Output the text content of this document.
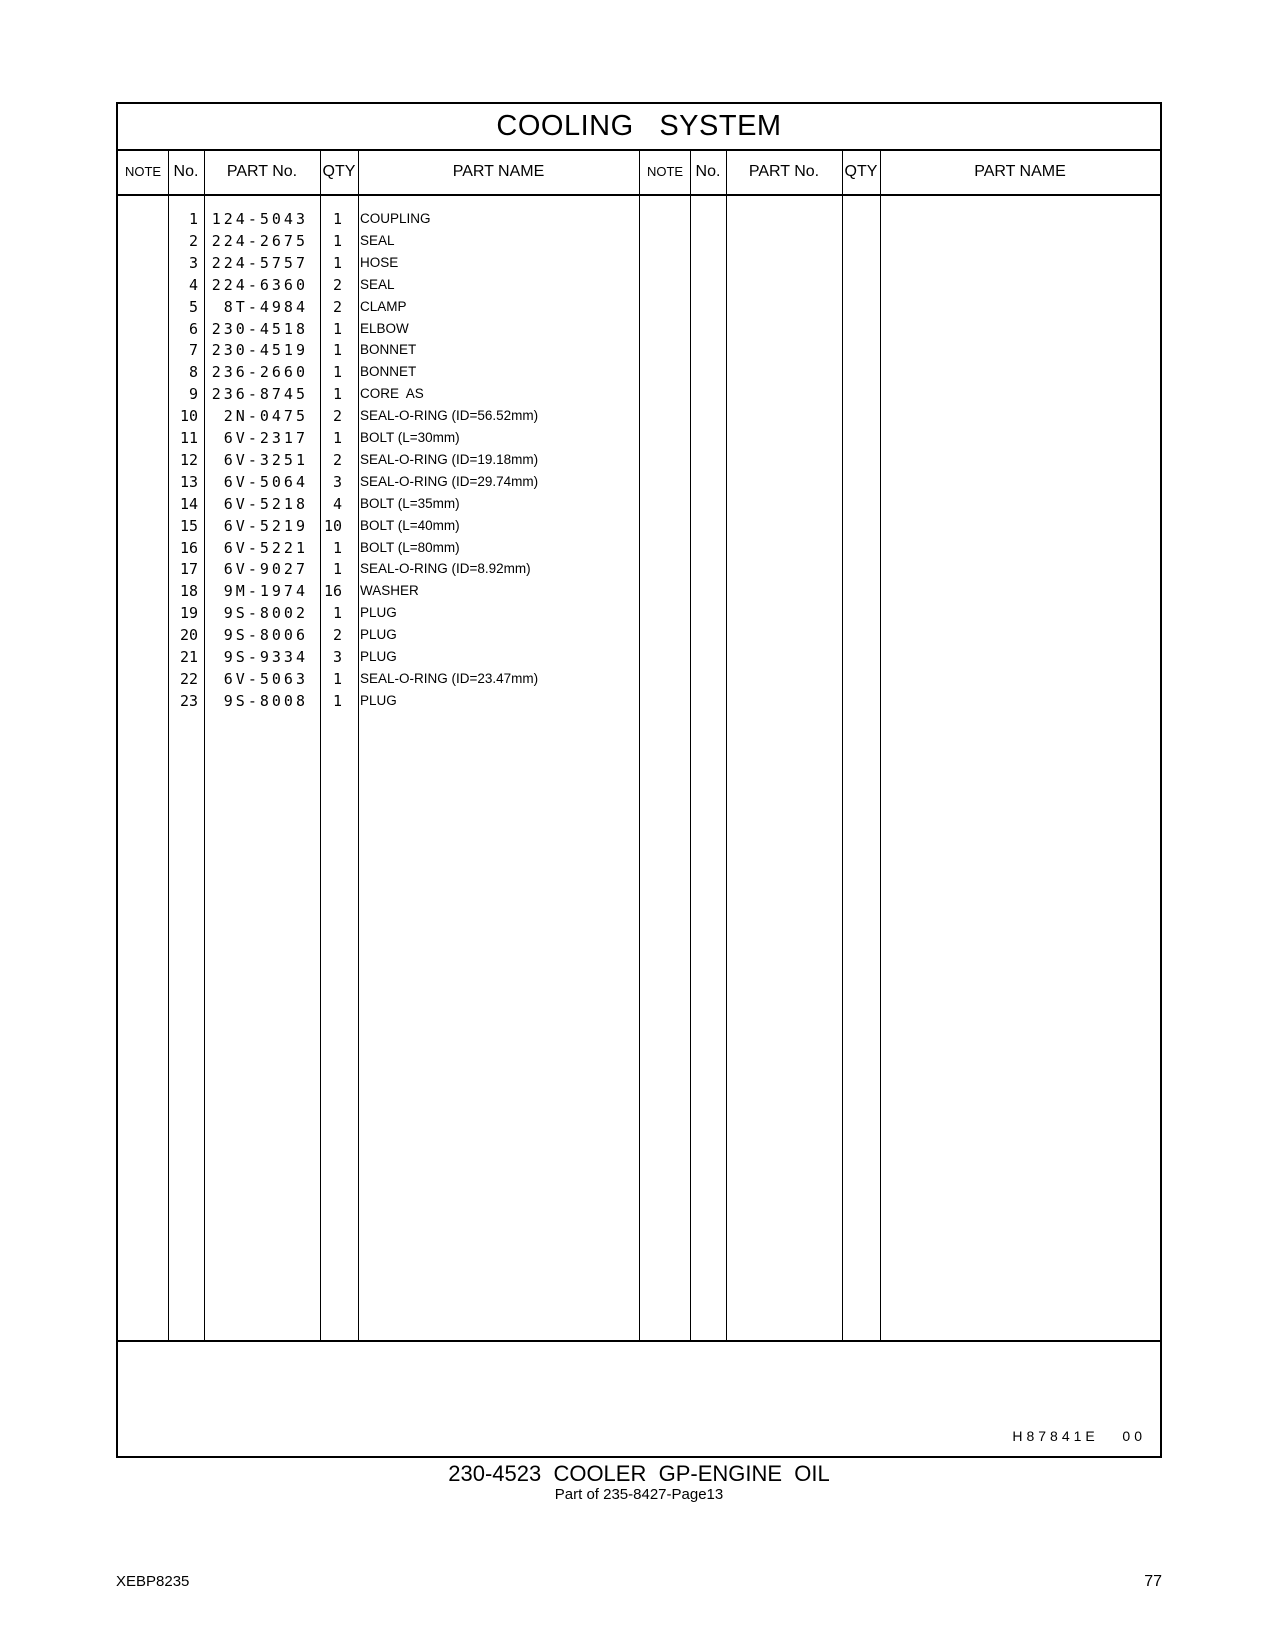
COOLING   SYSTEM
NOTE No.	PART No.	QTY	PART NAME	NOTE No.	PART No.	QTY	PART NAME
1 124-5043	1 COUPLING
2 224-2675	1 SEAL
3 224-5757	1 HOSE
4 224-6360	2 SEAL
5	8T-4984	2 CLAMP
6 230-4518	1 ELBOW
7 230-4519	1 BONNET
8 236-2660	1 BONNET
9 236-8745	1 CORE  AS
10	2N-0475	2 SEAL-O-RING (ID=56.52mm)
11	6V-2317	1 BOLT (L=30mm)
12	6V-3251	2 SEAL-O-RING (ID=19.18mm)
13	6V-5064	3 SEAL-O-RING (ID=29.74mm)
14	6V-5218	4 BOLT (L=35mm)
15	6V-5219	10 BOLT (L=40mm)
16	6V-5221	1 BOLT (L=80mm)
17	6V-9027	1 SEAL-O-RING (ID=8.92mm)
18	9M-1974	16 WASHER
19	9S-8002	1 PLUG
20	9S-8006	2 PLUG
21	9S-9334	3 PLUG
22	6V-5063	1 SEAL-O-RING (ID=23.47mm)
23	9S-8008	1 PLUG
H87841E   00
230-4523  COOLER  GP-ENGINE  OIL
Part of 235-8427-Page13
XEBP8235	77
